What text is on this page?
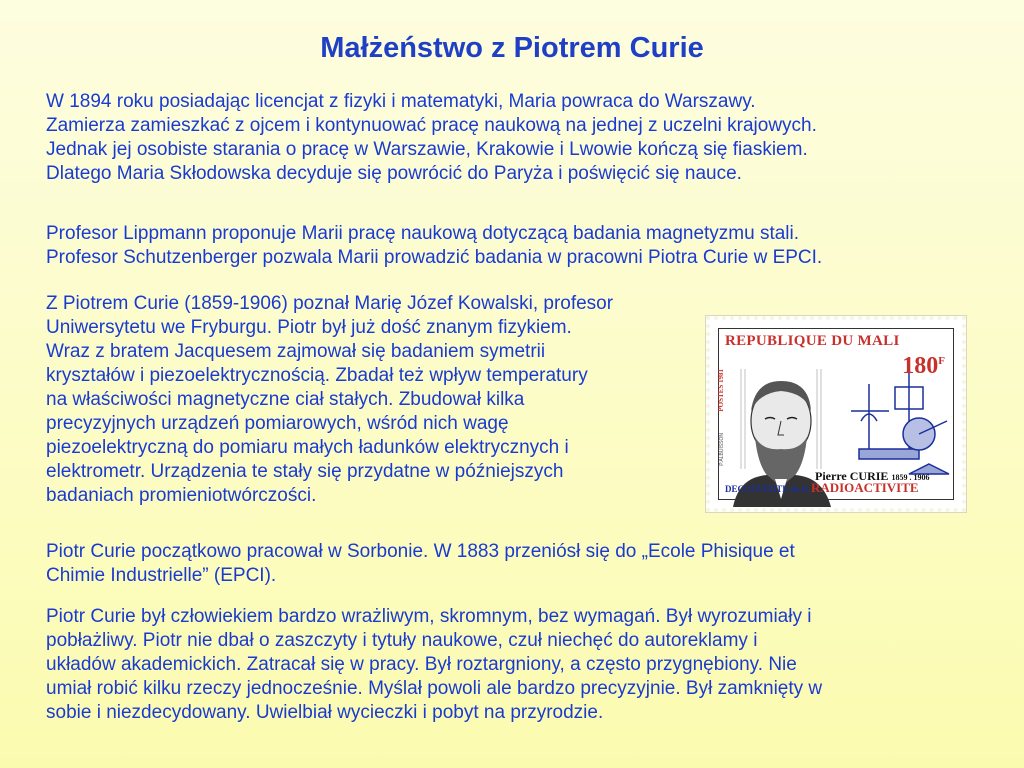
Małżeństwo z Piotrem Curie
W 1894 roku posiadając licencjat z fizyki i matematyki, Maria powraca do Warszawy.
Zamierza zamieszkać z ojcem i kontynuować pracę naukową na jednej z uczelni krajowych.
Jednak jej osobiste starania o pracę w Warszawie, Krakowie i Lwowie kończą się fiaskiem.
Dlatego Maria Skłodowska decyduje się powrócić do Paryża i poświęcić się nauce.
Profesor Lippmann proponuje Marii pracę naukową dotyczącą badania magnetyzmu stali.
Profesor Schutzenberger pozwala Marii prowadzić badania w pracowni Piotra Curie w EPCI.
Z Piotrem Curie (1859-1906) poznał Marię Józef Kowalski, profesor
Uniwersytetu we Fryburgu. Piotr był już dość znanym fizykiem.
Wraz z bratem Jacquesem zajmował się badaniem symetrii
kryształów i piezoelektrycznością. Zbadał też wpływ temperatury
na właściwości magnetyczne ciał stałych. Zbudował kilka
precyzyjnych urządzeń pomiarowych, wśród nich wagę
piezoelektryczną do pomiaru małych ładunków elektrycznych i
elektrometr. Urządzenia te stały się przydatne w późniejszych
badaniach promieniotwórczości.
Piotr Curie początkowo pracował w Sorbonie. W 1883 przeniósł się do „Ecole Phisique et
Chimie Industrielle” (EPCI).
Piotr Curie był człowiekiem bardzo wrażliwym, skromnym, bez wymagań. Był wyrozumiały i
pobłażliwy. Piotr nie dbał o zaszczyty i tytuły naukowe, czuł niechęć do autoreklamy i
układów akademickich. Zatracał się w pracy. Był roztargniony, a często przygnębiony. Nie
umiał robić kilku rzeczy jednocześnie. Myślał powoli ale bardzo precyzyjnie. Był zamknięty w
sobie i niezdecydowany. Uwielbiał wycieczki i pobyt na przyrodzie.
REPUBLIQUE DU MALI
$180^F$
POSTES 1981
P.ALBUISSON
Pierre CURIE 1859 . 1906
DECOUVERTE de la RADIOACTIVITE
